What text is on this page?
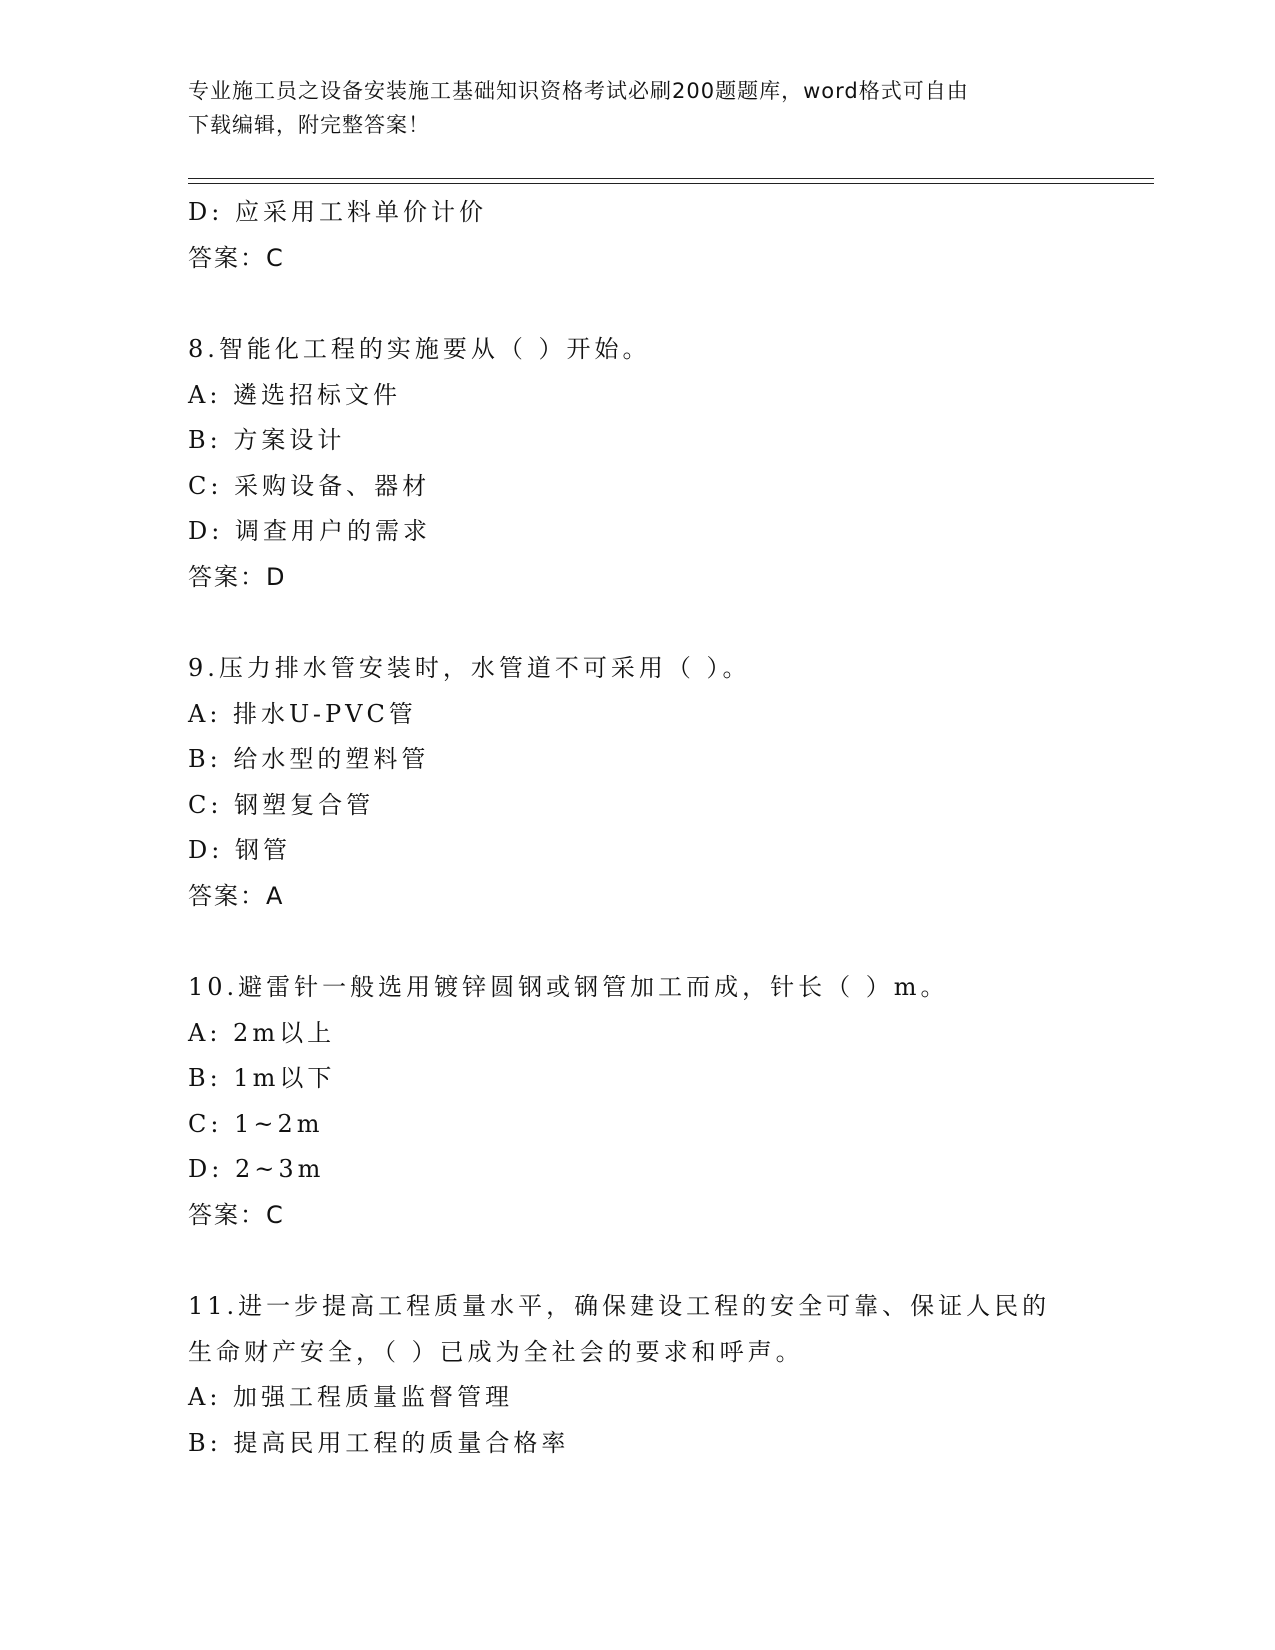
专业施工员之设备安装施工基础知识资格考试必刷200题题库，word格式可自由
下载编辑，附完整答案！
D: 应采用工料单价计价
答案：C
8.智能化工程的实施要从（ ）开始。
A: 遴选招标文件
B: 方案设计
C: 采购设备、器材
D: 调查用户的需求
答案：D
9.压力排水管安装时，水管道不可采用（ ）。
A: 排水U-PVC管
B: 给水型的塑料管
C: 钢塑复合管
D: 钢管
答案：A
10.避雷针一般选用镀锌圆钢或钢管加工而成，针长（ ）m。
A: 2m以上
B: 1m以下
C: 1~2m
D: 2~3m
答案：C
11.进一步提高工程质量水平，确保建设工程的安全可靠、保证人民的
生命财产安全，（ ）已成为全社会的要求和呼声。
A: 加强工程质量监督管理
B: 提高民用工程的质量合格率
